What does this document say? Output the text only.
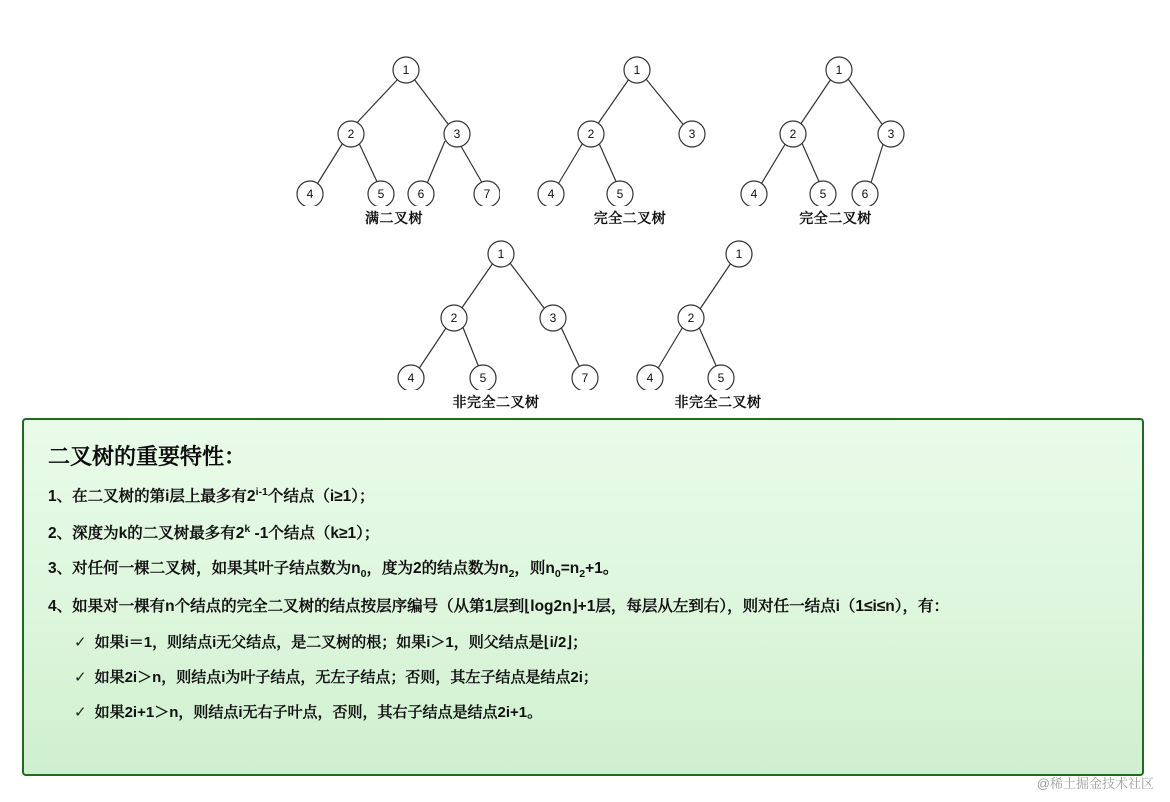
1
2	3
4	5	6	7
满二叉树
1
2	3
4	5
完全二叉树
1
2	3
4	5	6
完全二叉树
1
2	3
4	5	7
非完全二叉树
1
2
4	5
非完全二叉树
二叉树的重要特性：
1、在二叉树的第i层上最多有2$^{i-1}$个结点（i≥1）；
2、深度为k的二叉树最多有2$^k$ -1个结点（k≥1）；
3、对任何一棵二叉树，如果其叶子结点数为$n_0$，度为2的结点数为$n_2$，则$n_0=n_2+1$。
4、如果对一棵有n个结点的完全二叉树的结点按层序编号（从第1层到⌊log2n⌋+1层，每层从左到右），则对任一结点i（1≤i≤n），有：
✓ 如果i＝1，则结点i无父结点，是二叉树的根；如果i＞1，则父结点是⌊i/2⌋；
✓ 如果2i＞n，则结点i为叶子结点，无左子结点；否则，其左子结点是结点2i；
✓ 如果2i+1＞n，则结点i无右子叶点，否则，其右子结点是结点2i+1。
@稀土掘金技术社区
